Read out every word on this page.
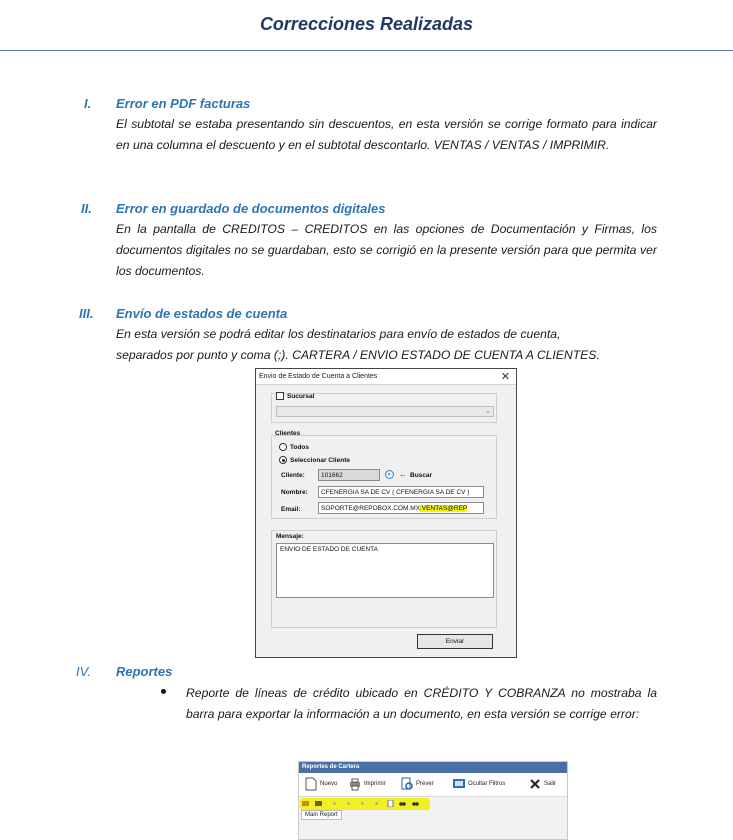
Correcciones Realizadas
I. Error en PDF facturas
El subtotal se estaba presentando sin descuentos, en esta versión se corrige formato para indicar en una columna el descuento y en el subtotal descontarlo. VENTAS / VENTAS / IMPRIMIR.
II. Error en guardado de documentos digitales
En la pantalla de CREDITOS – CREDITOS en las opciones de Documentación y Firmas, los documentos digitales no se guardaban, esto se corrigió en la presente versión para que permita ver los documentos.
III. Envío de estados de cuenta
En esta versión se podrá editar los destinatarios para envío de estados de cuenta,
separados por punto y coma (;). CARTERA / ENVIO ESTADO DE CUENTA A CLIENTES.
Envio de Estado de Cuenta a Clientes	✕
Sucursal
⌄
Clientes
Todos
Seleccionar Cliente
Cliente:	101662	← Buscar
Nombre:	CFENERGIA SA DE CV ( CFENERGIA SA DE CV )
Email:	SOPORTE@REPOBOX.COM.MX;VENTAS@REP
Mensaje:
ENVIO DE ESTADO DE CUENTA
Enviar
IV. Reportes
Reporte de líneas de crédito ubicado en CRÉDITO Y COBRANZA no mostraba la barra para exportar la información a un documento, en esta versión se corrige error:
Reportes de Cartera
Nuevo	Imprimir	Prever	Ocultar Filtros	Salir
Main Report
